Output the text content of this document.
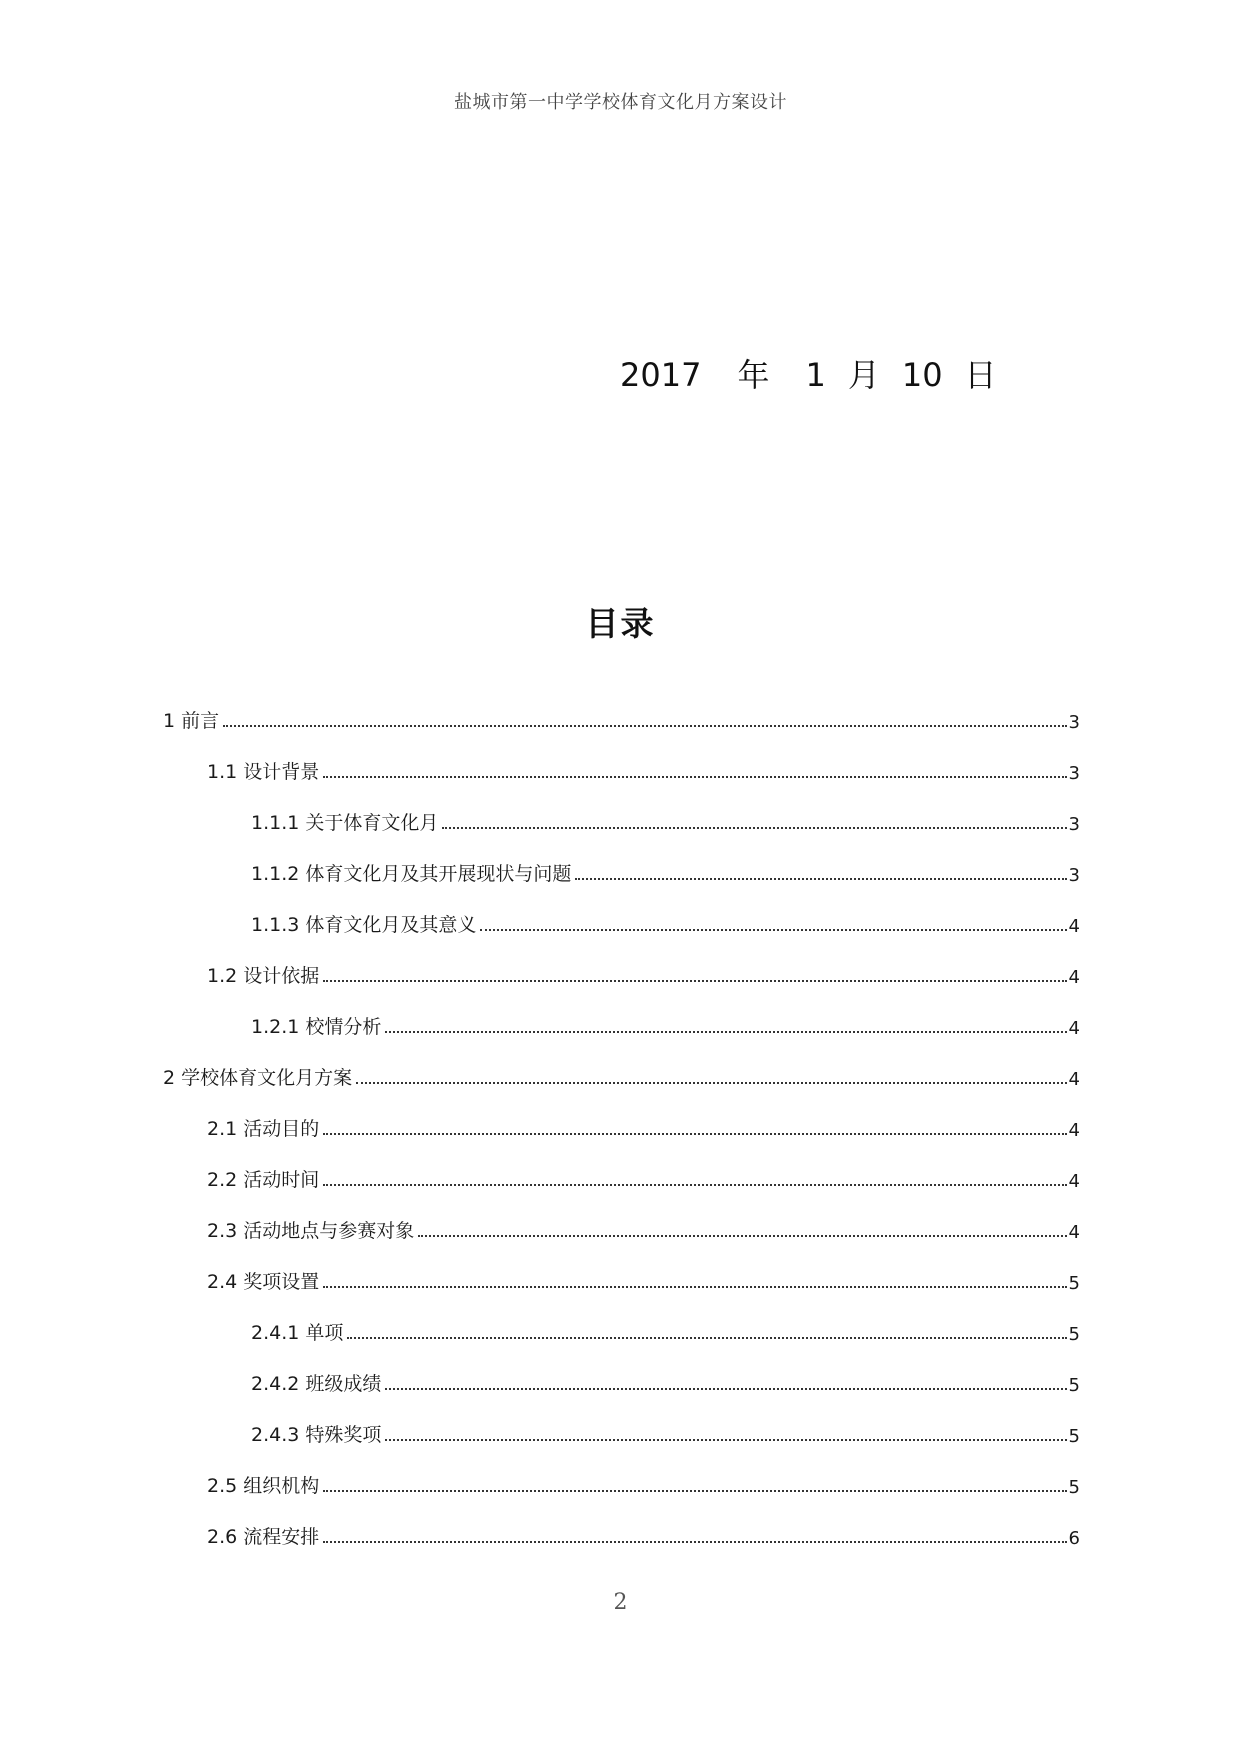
盐城市第一中学学校体育文化月方案设计
2017 年 1 月 10 日
目录
1 前言	3
1.1 设计背景	3
1.1.1 关于体育文化月	3
1.1.2 体育文化月及其开展现状与问题	3
1.1.3 体育文化月及其意义	4
1.2 设计依据	4
1.2.1 校情分析	4
2 学校体育文化月方案	4
2.1 活动目的	4
2.2 活动时间	4
2.3 活动地点与参赛对象	4
2.4 奖项设置	5
2.4.1 单项	5
2.4.2 班级成绩	5
2.4.3 特殊奖项	5
2.5 组织机构	5
2.6 流程安排	6
2
